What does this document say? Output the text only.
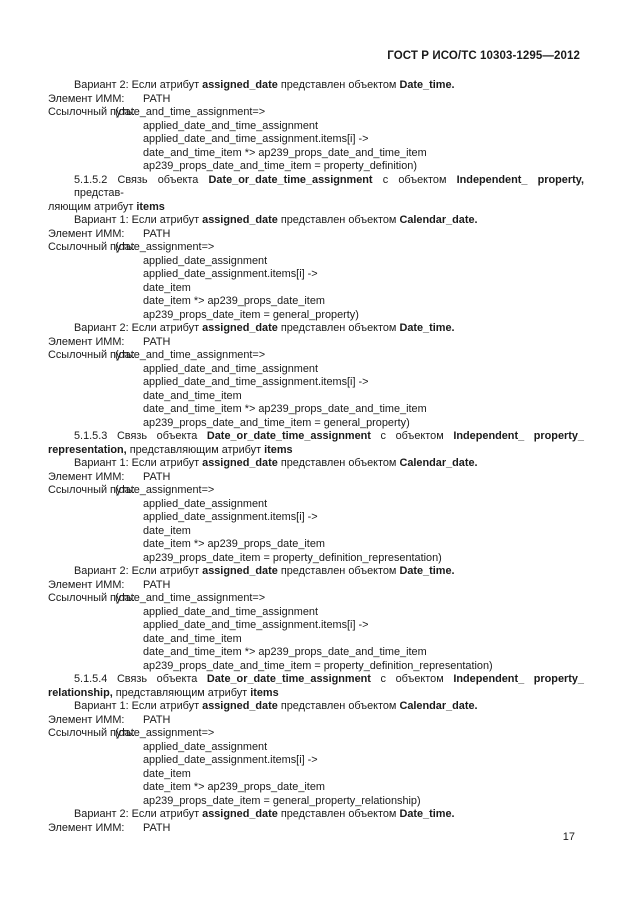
ГОСТ Р ИСО/ТС 10303-1295—2012
Вариант 2: Если атрибут assigned_date представлен объектом Date_time.
Элемент ИММ: PATH
Ссылочный путь:(date_and_time_assignment=>
applied_date_and_time_assignment
applied_date_and_time_assignment.items[i] ->
date_and_time_item *> ap239_props_date_and_time_item
ap239_props_date_and_time_item = property_definition)
5.1.5.2 Связь объекта Date_or_date_time_assignment с объектом Independent_ property, представ-
ляющим атрибут items
Вариант 1: Если атрибут assigned_date представлен объектом Calendar_date.
Элемент ИММ: PATH
Ссылочный путь:(date_assignment=>
applied_date_assignment
applied_date_assignment.items[i] ->
date_item
date_item *> ap239_props_date_item
ap239_props_date_item = general_property)
Вариант 2: Если атрибут assigned_date представлен объектом Date_time.
Элемент ИММ: PATH
Ссылочный путь:(date_and_time_assignment=>
applied_date_and_time_assignment
applied_date_and_time_assignment.items[i] ->
date_and_time_item
date_and_time_item *> ap239_props_date_and_time_item
ap239_props_date_and_time_item = general_property)
5.1.5.3 Связь объекта Date_or_date_time_assignment с объектом Independent_ property_
representation, представляющим атрибут items
Вариант 1: Если атрибут assigned_date представлен объектом Calendar_date.
Элемент ИММ: PATH
Ссылочный путь:(date_assignment=>
applied_date_assignment
applied_date_assignment.items[i] ->
date_item
date_item *> ap239_props_date_item
ap239_props_date_item = property_definition_representation)
Вариант 2: Если атрибут assigned_date представлен объектом Date_time.
Элемент ИММ: PATH
Ссылочный путь:(date_and_time_assignment=>
applied_date_and_time_assignment
applied_date_and_time_assignment.items[i] ->
date_and_time_item
date_and_time_item *> ap239_props_date_and_time_item
ap239_props_date_and_time_item = property_definition_representation)
5.1.5.4 Связь объекта Date_or_date_time_assignment с объектом Independent_ property_
relationship, представляющим атрибут items
Вариант 1: Если атрибут assigned_date представлен объектом Calendar_date.
Элемент ИММ: PATH
Ссылочный путь:(date_assignment=>
applied_date_assignment
applied_date_assignment.items[i] ->
date_item
date_item *> ap239_props_date_item
ap239_props_date_item = general_property_relationship)
Вариант 2: Если атрибут assigned_date представлен объектом Date_time.
Элемент ИММ: PATH
17
